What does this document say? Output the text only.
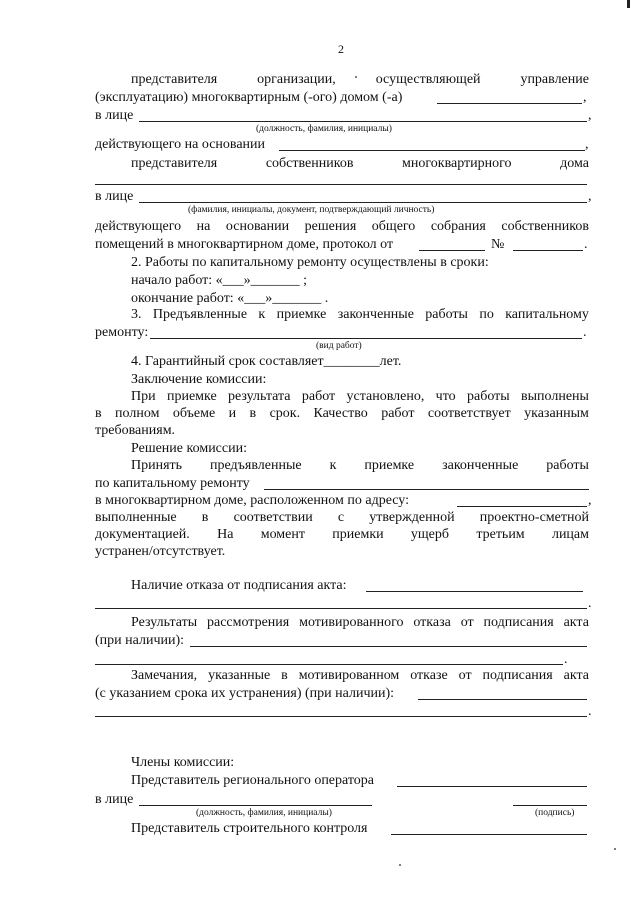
2
представителя	организации,	осуществляющей	управление
(эксплуатацию) многоквартирным (-ого) домом (-а)	,
в лице	,
(должность, фамилия, инициалы)
действующего на основании	,
представителя	собственников	многоквартирного	дома
в лице	,
(фамилия, инициалы, документ, подтверждающий личность)
действующего на основании решения общего собрания собственников
помещений в многоквартирном доме, протокол от	№	.
2. Работы по капитальному ремонту осуществлены в сроки:
начало работ: «___»_______ ;
окончание работ: «___»_______ .
3. Предъявленные к приемке законченные работы по капитальному
ремонту:	.
(вид работ)
4. Гарантийный срок составляет________лет.
Заключение комиссии:
При приемке результата работ установлено, что работы выполнены
в полном объеме и в срок. Качество работ соответствует указанным
требованиям.
Решение комиссии:
Принять предъявленные к приемке законченные работы
по капитальному ремонту
в многоквартирном доме, расположенном по адресу:	,
выполненные в соответствии с утвержденной проектно-сметной
документацией. На момент приемки ущерб третьим лицам
устранен/отсутствует.
Наличие отказа от подписания акта:
.
Результаты рассмотрения мотивированного отказа от подписания акта
(при наличии):
.
Замечания, указанные в мотивированном отказе от подписания акта
(с указанием срока их устранения) (при наличии):
.
Члены комиссии:
Представитель регионального оператора
в лице
(должность, фамилия, инициалы)	(подпись)
Представитель строительного контроля
